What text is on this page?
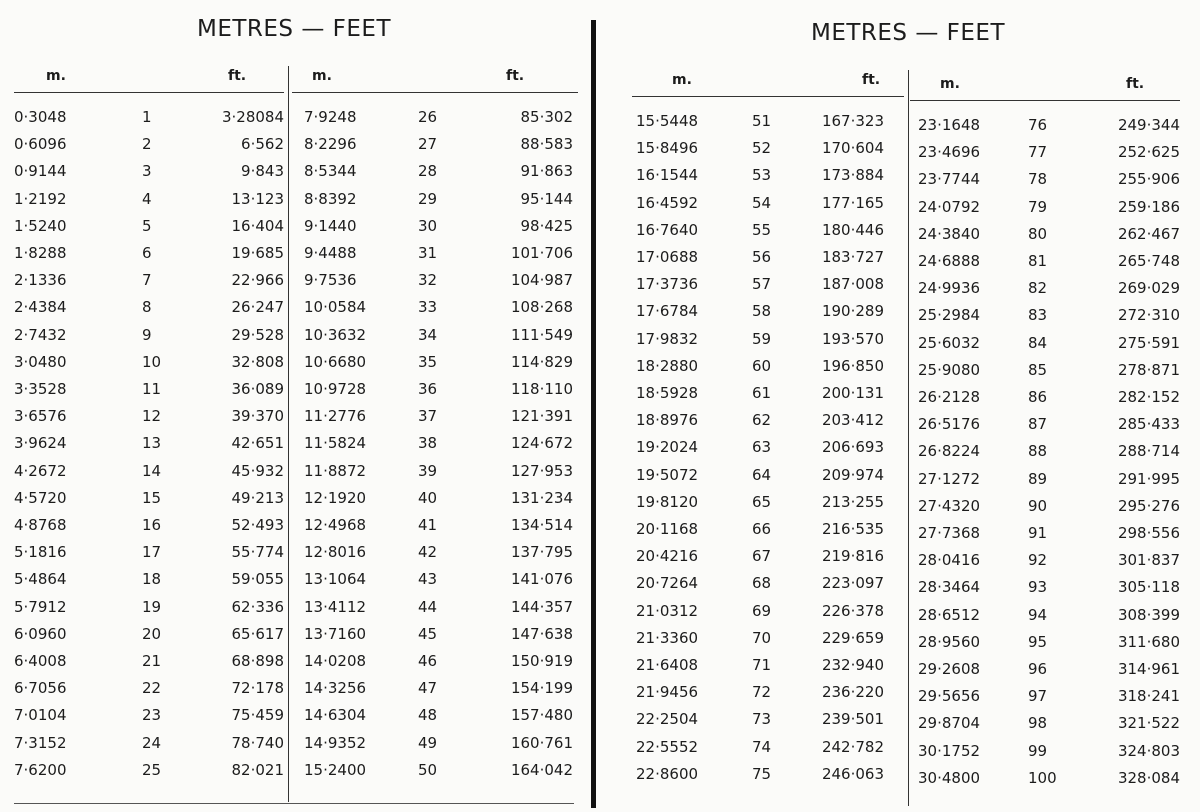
METRES — FEET
m.	ft.
0·3048	1	3·28084
0·6096	2	6·562
0·9144	3	9·843
1·2192	4	13·123
1·5240	5	16·404
1·8288	6	19·685
2·1336	7	22·966
2·4384	8	26·247
2·7432	9	29·528
3·0480	10	32·808
3·3528	11	36·089
3·6576	12	39·370
3·9624	13	42·651
4·2672	14	45·932
4·5720	15	49·213
4·8768	16	52·493
5·1816	17	55·774
5·4864	18	59·055
5·7912	19	62·336
6·0960	20	65·617
6·4008	21	68·898
6·7056	22	72·178
7·0104	23	75·459
7·3152	24	78·740
7·6200	25	82·021
m.	ft.
7·9248	26	85·302
8·2296	27	88·583
8·5344	28	91·863
8·8392	29	95·144
9·1440	30	98·425
9·4488	31	101·706
9·7536	32	104·987
10·0584	33	108·268
10·3632	34	111·549
10·6680	35	114·829
10·9728	36	118·110
11·2776	37	121·391
11·5824	38	124·672
11·8872	39	127·953
12·1920	40	131·234
12·4968	41	134·514
12·8016	42	137·795
13·1064	43	141·076
13·4112	44	144·357
13·7160	45	147·638
14·0208	46	150·919
14·3256	47	154·199
14·6304	48	157·480
14·9352	49	160·761
15·2400	50	164·042
METRES — FEET
m.	ft.
15·5448	51	167·323
15·8496	52	170·604
16·1544	53	173·884
16·4592	54	177·165
16·7640	55	180·446
17·0688	56	183·727
17·3736	57	187·008
17·6784	58	190·289
17·9832	59	193·570
18·2880	60	196·850
18·5928	61	200·131
18·8976	62	203·412
19·2024	63	206·693
19·5072	64	209·974
19·8120	65	213·255
20·1168	66	216·535
20·4216	67	219·816
20·7264	68	223·097
21·0312	69	226·378
21·3360	70	229·659
21·6408	71	232·940
21·9456	72	236·220
22·2504	73	239·501
22·5552	74	242·782
22·8600	75	246·063
m.	ft.
23·1648	76	249·344
23·4696	77	252·625
23·7744	78	255·906
24·0792	79	259·186
24·3840	80	262·467
24·6888	81	265·748
24·9936	82	269·029
25·2984	83	272·310
25·6032	84	275·591
25·9080	85	278·871
26·2128	86	282·152
26·5176	87	285·433
26·8224	88	288·714
27·1272	89	291·995
27·4320	90	295·276
27·7368	91	298·556
28·0416	92	301·837
28·3464	93	305·118
28·6512	94	308·399
28·9560	95	311·680
29·2608	96	314·961
29·5656	97	318·241
29·8704	98	321·522
30·1752	99	324·803
30·4800	100	328·084
